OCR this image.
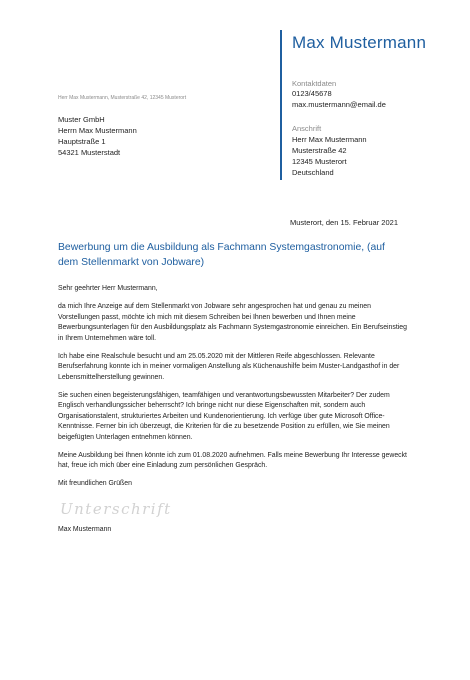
Max Mustermann
Kontaktdaten
0123/45678
max.mustermann@email.de
Anschrift
Herr Max Mustermann
Musterstraße 42
12345 Musterort
Deutschland
Herr Max Mustermann, Musterstraße 42, 12345 Musterort
Muster GmbH
Herrn Max Mustermann
Hauptstraße 1
54321 Musterstadt
Musterort, den 15. Februar 2021
Bewerbung um die Ausbildung als Fachmann Systemgastronomie, (auf dem Stellenmarkt von Jobware)

Sehr geehrter Herr Mustermann,

da mich Ihre Anzeige auf dem Stellenmarkt von Jobware sehr angesprochen hat und genau zu meinen Vorstellungen passt, möchte ich mich mit diesem Schreiben bei Ihnen bewerben und Ihnen meine Bewerbungsunterlagen für den Ausbildungsplatz als Fachmann Systemgastronomie einreichen. Ein Berufseinstieg in Ihrem Unternehmen wäre toll.

Ich habe eine Realschule besucht und am 25.05.2020 mit der Mittleren Reife abgeschlossen. Relevante Berufserfahrung konnte ich in meiner vormaligen Anstellung als Küchenaushilfe beim Muster-Landgasthof in der Lebensmittelherstellung gewinnen.

Sie suchen einen begeisterungsfähigen, teamfähigen und verantwortungsbewussten Mitarbeiter? Der zudem Englisch verhandlungssicher beherrscht? Ich bringe nicht nur diese Eigenschaften mit, sondern auch Organisationstalent, strukturiertes Arbeiten und Kundenorientierung. Ich verfüge über gute Microsoft Office-Kenntnisse. Ferner bin ich überzeugt, die Kriterien für die zu besetzende Position zu erfüllen, wie Sie meinen beigefügten Unterlagen entnehmen können.

Meine Ausbildung bei Ihnen könnte ich zum 01.08.2020 aufnehmen. Falls meine Bewerbung Ihr Interesse geweckt hat, freue ich mich über eine Einladung zum persönlichen Gespräch.

Mit freundlichen Grüßen

Unterschrift
Max Mustermann
